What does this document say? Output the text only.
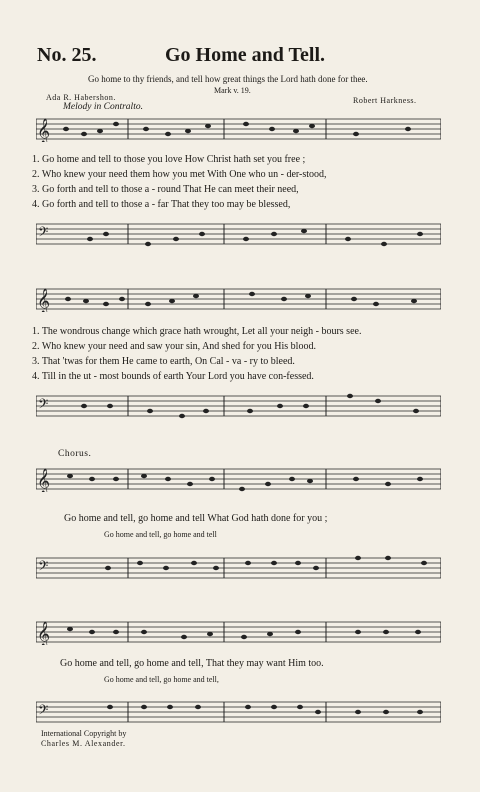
No. 25.	Go Home and Tell.
Go home to thy friends, and tell how great things the Lord hath done for thee.
Mark v. 19.
Ada R. Habershon.	Robert Harkness.
Melody in Contralto.
𝄞
1. Go home and tell to those you love How Christ hath set you free ;
2. Who knew your need them how you met With One who un - der-stood,
3. Go forth and tell to those a - round That He can meet their need,
4. Go forth and tell to those a - far That they too may be blessed,
𝄢
𝄞
1. The wondrous change which grace hath wrought, Let all your neigh - bours see.
2. Who knew your need and saw your sin, And shed for you His blood.
3. That 'twas for them He came to earth, On Cal - va - ry to bleed.
4. Till in the ut - most bounds of earth Your Lord you have con-fessed.
𝄢
Chorus.
𝄞
Go home and tell, go home and tell What God hath done for you ;
Go home and tell, go home and tell
𝄢
𝄞
Go home and tell, go home and tell, That they may want Him too.
Go home and tell, go home and tell,
𝄢
International Copyright by
Charles M. Alexander.
